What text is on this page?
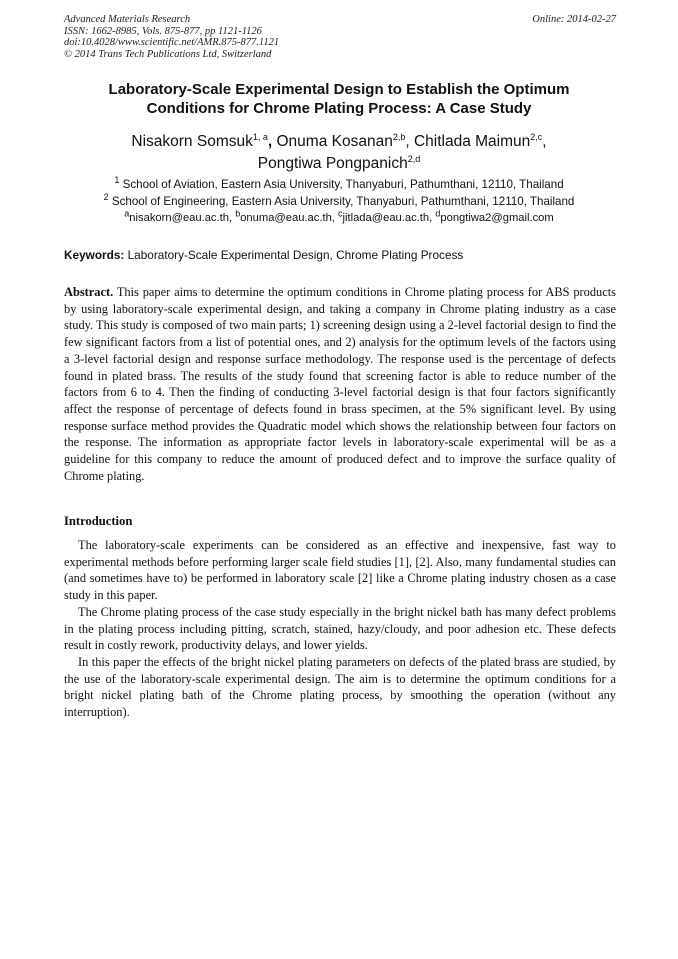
Advanced Materials Research
ISSN: 1662-8985, Vols. 875-877, pp 1121-1126
doi:10.4028/www.scientific.net/AMR.875-877.1121
© 2014 Trans Tech Publications Ltd, Switzerland
Online: 2014-02-27
Laboratory-Scale Experimental Design to Establish the Optimum
Conditions for Chrome Plating Process: A Case Study
Nisakorn Somsuk$^{1, a}$, Onuma Kosanan$^{2,b}$, Chitlada Maimun$^{2,c}$,
Pongtiwa Pongpanich$^{2,d}$
$^1$ School of Aviation, Eastern Asia University, Thanyaburi, Pathumthani, 12110, Thailand
$^2$ School of Engineering, Eastern Asia University, Thanyaburi, Pathumthani, 12110, Thailand
$^a$nisakorn@eau.ac.th, $^b$onuma@eau.ac.th, $^c$jitlada@eau.ac.th, $^d$pongtiwa2@gmail.com
Keywords: Laboratory-Scale Experimental Design, Chrome Plating Process
Abstract. This paper aims to determine the optimum conditions in Chrome plating process for ABS products by using laboratory-scale experimental design, and taking a company in Chrome plating industry as a case study. This study is composed of two main parts; 1) screening design using a 2-level factorial design to find the few significant factors from a list of potential ones, and 2) analysis for the optimum levels of the factors using a 3-level factorial design and response surface methodology. The response used is the percentage of defects found in plated brass. The results of the study found that screening factor is able to reduce number of the factors from 6 to 4. Then the finding of conducting 3-level factorial design is that four factors significantly affect the response of percentage of defects found in brass specimen, at the 5% significant level. By using response surface method provides the Quadratic model which shows the relationship between four factors on the response. The information as appropriate factor levels in laboratory-scale experimental will be as a guideline for this company to reduce the amount of produced defect and to improve the surface quality of Chrome plating.
Introduction

The laboratory-scale experiments can be considered as an effective and inexpensive, fast way to experimental methods before performing larger scale field studies [1], [2]. Also, many fundamental studies can (and sometimes have to) be performed in laboratory scale [2] like a Chrome plating industry chosen as a case study in this paper.

The Chrome plating process of the case study especially in the bright nickel bath has many defect problems in the plating process including pitting, scratch, stained, hazy/cloudy, and poor adhesion etc. These defects result in costly rework, productivity delays, and lower yields.

In this paper the effects of the bright nickel plating parameters on defects of the plated brass are studied, by the use of the laboratory-scale experimental design. The aim is to determine the optimum conditions for a bright nickel plating bath of the Chrome plating process, by smoothing the operation (without any interruption).
